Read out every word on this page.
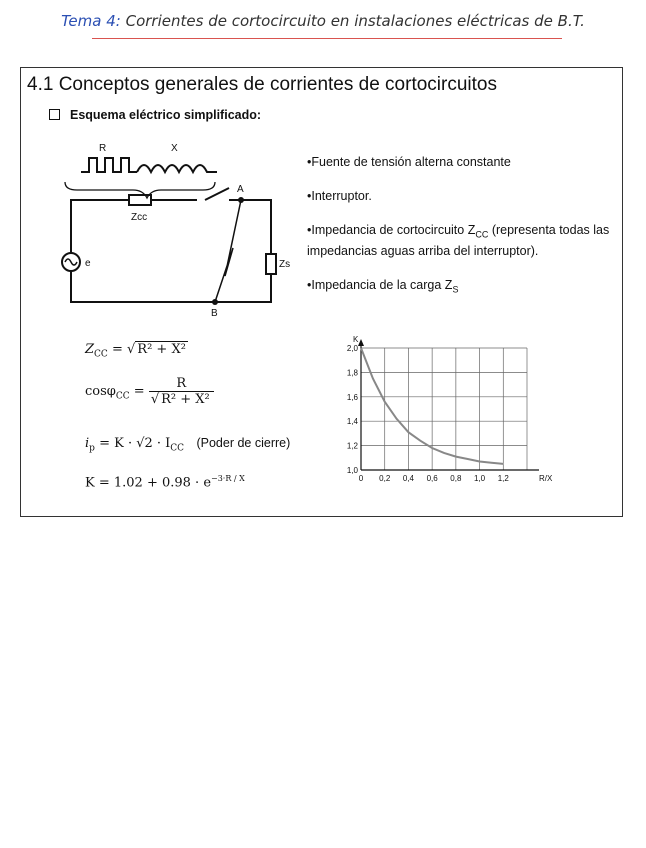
Tema 4: Corrientes de cortocircuito en instalaciones eléctricas de B.T.
4.1 Conceptos generales de corrientes de cortocircuitos
Esquema eléctrico simplificado:
R	X
Zcc
A
B
e	Zs

•Fuente de tensión alterna constante

•Interruptor.

•Impedancia de cortocircuito $Z_{CC}$ (representa todas las impedancias aguas arriba del interruptor).

•Impedancia de la carga $Z_S$

$Z_{CC}$ = √ R² + X²
$\cos\varphi_{CC} = \frac{R}{\text{√ R² + X²}}$
$i_p = K \cdot √2 \cdot I_{CC}$ (Poder de cierre)
$K = 1.02 + 0.98 \cdot e^{-3\cdot R / X}$	0 0,2 0,4 0,6 0,8 1,0 1,2
1,0
1,2
1,4
1,6
1,8
2,0
K
R/X
